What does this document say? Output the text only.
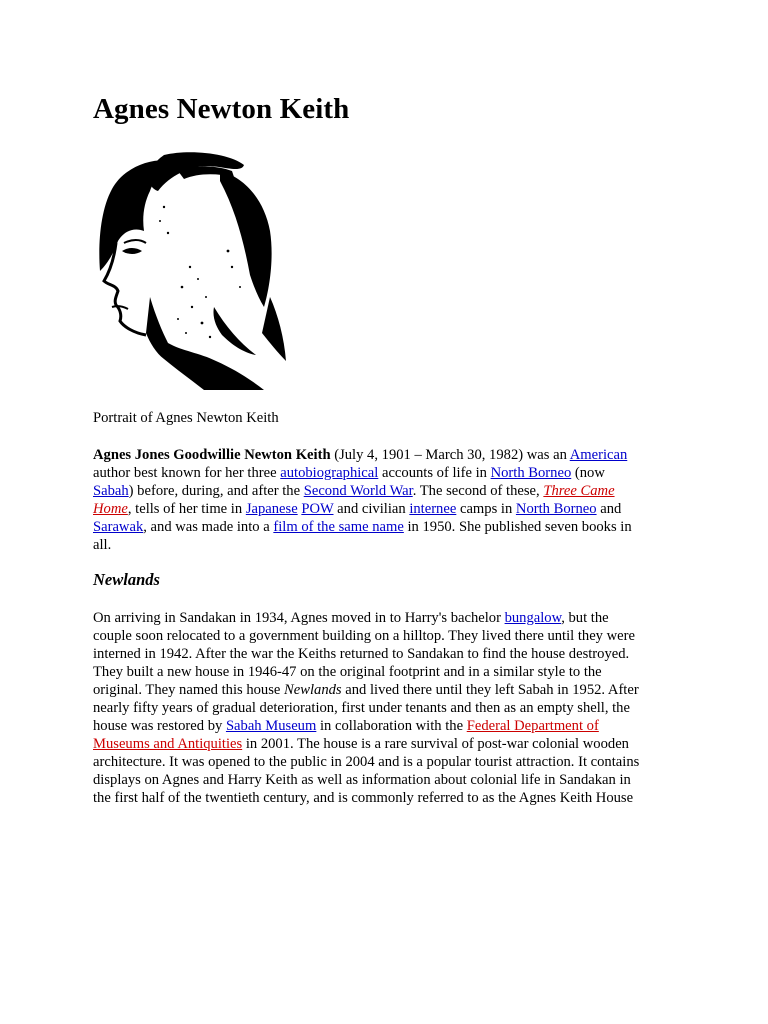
Agnes Newton Keith

Portrait of Agnes Newton Keith

Agnes Jones Goodwillie Newton Keith (July 4, 1901 – March 30, 1982) was an American
author best known for her three autobiographical accounts of life in North Borneo (now
Sabah) before, during, and after the Second World War. The second of these, Three Came
Home, tells of her time in Japanese POW and civilian internee camps in North Borneo and
Sarawak, and was made into a film of the same name in 1950. She published seven books in
all.
Newlands
On arriving in Sandakan in 1934, Agnes moved in to Harry's bachelor bungalow, but the
couple soon relocated to a government building on a hilltop. They lived there until they were
interned in 1942. After the war the Keiths returned to Sandakan to find the house destroyed.
They built a new house in 1946-47 on the original footprint and in a similar style to the
original. They named this house Newlands and lived there until they left Sabah in 1952. After
nearly fifty years of gradual deterioration, first under tenants and then as an empty shell, the
house was restored by Sabah Museum in collaboration with the Federal Department of
Museums and Antiquities in 2001. The house is a rare survival of post-war colonial wooden
architecture. It was opened to the public in 2004 and is a popular tourist attraction. It contains
displays on Agnes and Harry Keith as well as information about colonial life in Sandakan in
the first half of the twentieth century, and is commonly referred to as the Agnes Keith House
